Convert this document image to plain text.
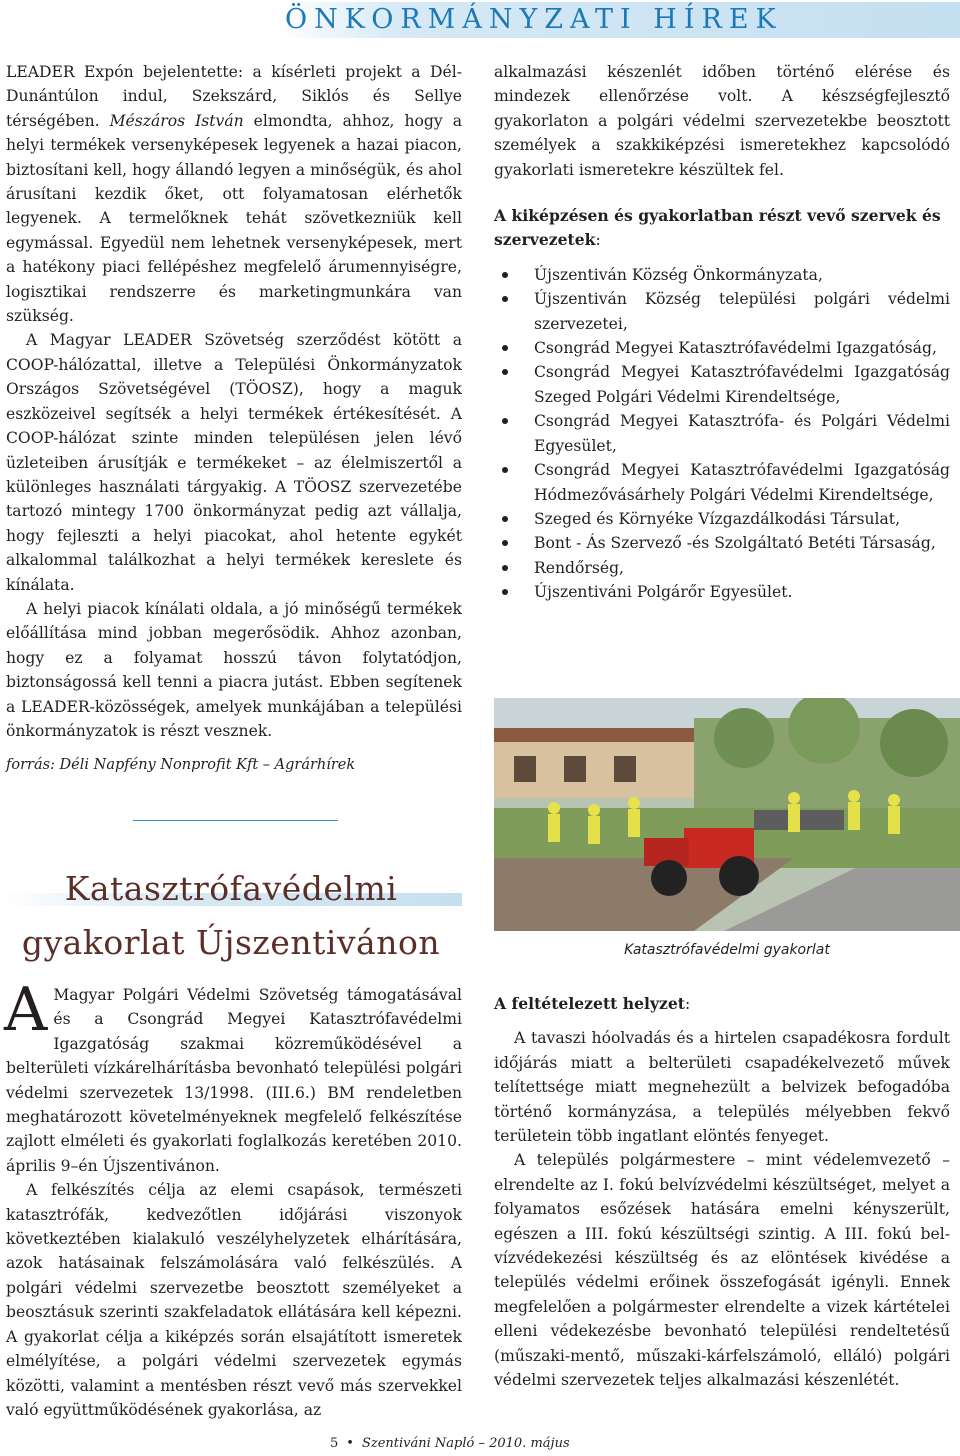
ÖNKORMÁNYZATI HÍREK

LEADER Expón bejelentette: a kísérleti projekt a Dél-Dunántúlon indul, Szekszárd, Siklós és Sellye térségében. Mészáros István elmondta, ahhoz, hogy a helyi termékek versenyképesek legyenek a hazai piacon, biztosítani kell, hogy állandó legyen a minőségük, és ahol árusítani kezdik őket, ott folyamatosan elérhetők legyenek. A termelőknek tehát szövetkezniük kell egymással. Egyedül nem lehetnek versenyképesek, mert a hatékony piaci fellépéshez megfelelő árumennyiségre, logisztikai rendszerre és marketingmunkára van szükség.

A Magyar LEADER Szövetség szerződést kötött a COOP-hálózattal, illetve a Települési Önkormányzatok Országos Szövetségével (TÖOSZ), hogy a maguk eszközeivel segítsék a helyi termékek értékesítését. A COOP-hálózat szinte minden településen jelen lévő üzleteiben árusítják e termékeket – az élelmiszertől a különleges használati tárgyakig. A TÖOSZ szervezetébe tartozó mintegy 1700 önkormányzat pedig azt vállalja, hogy fejleszti a helyi piacokat, ahol hetente egykét alkalommal találkozhat a helyi termékek kereslete és kínálata.

A helyi piacok kínálati oldala, a jó minőségű termékek előállítása mind jobban megerősödik. Ahhoz azonban, hogy ez a folyamat hosszú távon folytatódjon, biztonságossá kell tenni a piacra jutást. Ebben segítenek a LEADER-közösségek, amelyek munkájában a települési önkormányzatok is részt vesznek.

forrás: Déli Napfény Nonprofit Kft – Agrárhírek
Katasztrófavédelmi
gyakorlat Újszentivánon

A Magyar Polgári Védelmi Szövetség támogatásával és a Csongrád Megyei Katasztrófavédelmi Igazgatóság szakmai közreműködésével a belterületi vízkárelhárításba bevonható települési polgári védelmi szervezetek 13/1998. (III.6.) BM rendeletben meghatározott követelményeknek megfelelő felkészítése zajlott elméleti és gyakorlati foglalkozás keretében 2010. április 9–én Újszentivánon.

A felkészítés célja az elemi csapások, természeti katasztrófák, kedvezőtlen időjárási viszonyok következtében kialakuló veszélyhelyzetek elhárítására, azok hatásainak felszámolására való felkészülés. A polgári védelmi szervezetbe beosztott személyeket a beosztásuk szerinti szakfeladatok ellátására kell képezni. A gyakorlat célja a kiképzés során elsajátított ismeretek elmélyítése, a polgári védelmi szervezetek egymás közötti, valamint a mentésben részt vevő más szervekkel való együttműködésének gyakorlása, az

alkalmazási készenlét időben történő elérése és mindezek ellenőrzése volt. A készségfejlesztő gyakorlaton a polgári védelmi szervezetekbe beosztott személyek a szakkiképzési ismeretekhez kapcsolódó gyakorlati ismeretekre készültek fel.

A kiképzésen és gyakorlatban részt vevő szervek és szervezetek:

Újszentiván Község Önkormányzata,
Újszentiván Község települési polgári védelmi szervezetei,
Csongrád Megyei Katasztrófavédelmi Igazgatóság,
Csongrád Megyei Katasztrófavédelmi Igazgatóság Szeged Polgári Védelmi Kirendeltsége,
Csongrád Megyei Katasztrófa- és Polgári Védelmi Egyesület,
Csongrád Megyei Katasztrófavédelmi Igazgatóság Hódmezővásárhely Polgári Védelmi Kirendeltsége,
Szeged és Környéke Vízgazdálkodási Társulat,
Bont - Ás Szervező -és Szolgáltató Betéti Társaság,
Rendőrség,
Újszentiváni Polgárőr Egyesület.
Katasztrófavédelmi gyakorlat

A feltételezett helyzet:

A tavaszi hóolvadás és a hirtelen csapadékosra fordult időjárás miatt a belterületi csapadékelvezető művek telítettsége miatt megnehezült a belvizek befogadóba történő kormányzása, a település mélyebben fekvő területein több ingatlant elöntés fenyeget.

A település polgármestere – mint védelemvezető – elrendelte az I. fokú belvízvédelmi készültséget, melyet a folyamatos esőzések hatására emelni kényszerült, egészen a III. fokú készültségi szintig. A III. fokú bel-vízvédekezési készültség és az elöntések kivédése a település védelmi erőinek összefogását igényli. Ennek megfelelően a polgármester elrendelte a vizek kártételei elleni védekezésbe bevonható települési rendeltetésű (műszaki-mentő, műszaki-kárfelszámoló, elláló) polgári védelmi szervezetek teljes alkalmazási készenlétét.

5 • Szentiváni Napló – 2010. május
